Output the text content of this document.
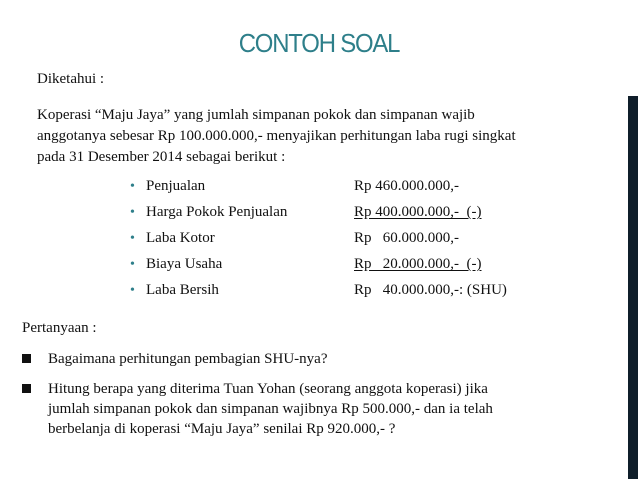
CONTOH SOAL
Diketahui :
Koperasi “Maju Jaya” yang jumlah simpanan pokok dan simpanan wajib
anggotanya sebesar Rp 100.000.000,- menyajikan perhitungan laba rugi singkat
pada 31 Desember 2014 sebagai berikut :
• Penjualan	Rp 460.000.000,-
• Harga Pokok Penjualan	Rp 400.000.000,-  (-)
• Laba Kotor	Rp   60.000.000,-
• Biaya Usaha	Rp   20.000.000,-  (-)
• Laba Bersih	Rp   40.000.000,-: (SHU)
Pertanyaan :
Bagaimana perhitungan pembagian SHU-nya?
Hitung berapa yang diterima Tuan Yohan (seorang anggota koperasi) jika
jumlah simpanan pokok dan simpanan wajibnya Rp 500.000,- dan ia telah
berbelanja di koperasi “Maju Jaya” senilai Rp 920.000,- ?
